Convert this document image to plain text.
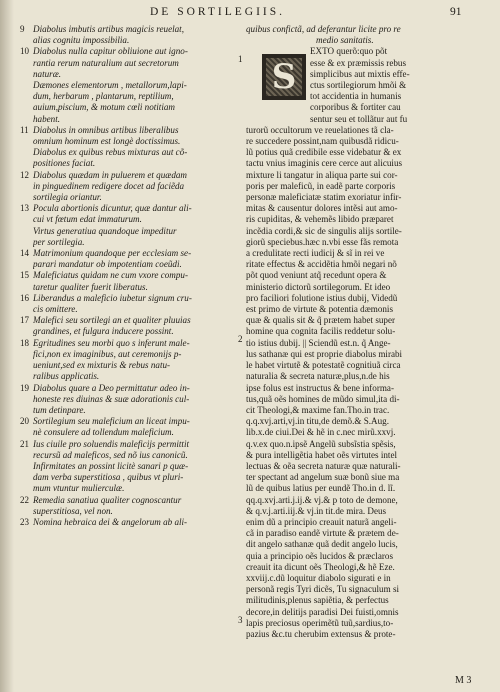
DE SORTILEGIIS.	91
9 Diabolus imbutis artibus magicis reuelat,
alias cognitu impossibilia.
10 Diabolus nulla capitur obliuione aut igno-
rantia rerum naturalium aut secretorum
naturæ.
Dæmones elementorum , metallorum,lapi-
dum, herbarum , plantarum, reptilium,
auium,piscium, & motum cœli notitiam
habent.
11 Diabolus in omnibus artibus liberalibus
omnium hominum est longè doctissimus.
Diabolus ex quibus rebus mixturas aut cõ-
positiones faciat.
12 Diabolus quædam in puluerem et quædam
in pinguedinem redigere docet ad faciẽda
sortilegia oriantur.
13 Pocula abortionis dicuntur, quæ dantur ali-
cui vt fœtum edat immaturum.
Virtus generatiua quandoque impeditur
per sortilegia.
14 Matrimonium quandoque per ecclesiam se-
parari mandatur ob impotentiam coeũdi.
15 Maleficiatus quidam ne cum vxore compu-
taretur qualiter fuerit liberatus.
16 Liberandus a maleficio iubetur signum cru-
cis omittere.
17 Malefici seu sortilegi an et qualiter pluuias
grandines, et fulgura inducere possint.
18 Egritudines seu morbi quo s inferunt male-
fici,non ex imaginibus, aut ceremonijs p-
ueniunt,sed ex mixturis & rebus natu-
ralibus applicatis.
19 Diabolus quare a Deo permittatur adeo in-
honeste res diuinas & suæ adorationis cul-
tum detinpare.
20 Sortilegium seu maleficium an liceat impu-
nè consulere ad tollendum maleficium.
21 Ius ciuile pro soluendis maleficijs permittit
recursũ ad maleficos, sed nõ ius canonicũ.
Infirmitates an possint licitè sanari p quæ-
dam verba superstitiosa , quibus vt pluri-
mum vtuntur mulierculæ.
22 Remedia sanatiua qualiter cognoscantur
superstitiosa, vel non.
23 Nomina hebraica dei & angelorum ab ali-
quibus confictã, ad deferantur licite pro re
medio sanitatis.
S
1
2
3
EXTO querõ:quo põt
esse & ex præmissis rebus
simplicibus aut mixtis effe-
ctus sortilegiorum hmõi &
tot accidentia in humanis
corporibus & fortiter cau
sentur seu et tollãtur aut fu
turorũ occultorum ve reuelationes tã cla-
re succedere possint,nam quibusdã ridicu-
lũ potius quã credibile esse videbatur & ex
tactu vnius imaginis cere cerce aut alicuius
mixture li tangatur in aliqua parte sui cor-
poris per maleficũ, in eadẽ parte corporis
personæ maleficiatæ statim exoriatur infir-
mitas & causentur dolores intẽsi aut amo-
ris cupiditas, & vehemẽs libido præparet
incẽdia cordi,& sic de singulis alijs sortile-
giorũ speciebus.hæc n.vbi esse fãs remota
a credulitate recti iudicij & sĩ in rei ve
ritate effectus & accidẽtia hmõi negari nõ
põt quod veniunt atq̃ recedunt opera &
ministerio dictorũ sortilegorum. Et ideo
pro faciliori folutione istius dubij, Videdũ
est primo de virtute & potentia dæmonis
quæ & qualis sit & q̃ prætem habet super
homine qua cognita facilis reddetur solu-
tio istius dubij. || Sciendũ est.n. q̃ Ange-
lus sathanæ qui est proprie diabolus mirabi
le habet virtutẽ & potestatẽ cognitiuã circa
naturalia & secreta naturæ,plus,n.de his
ipse folus est instructus & bene informa-
tus,quã oẽs homines de mũdo simul,ita di-
cit Theologi,& maxime fan.Tho.in trac.
q.q.xvj.arti,vj.in titu,de demõ.& S.Aug.
lib.x.de ciui.Dei & hẽ in c.nec mirũ.xxvj.
q.v.ex quo.n.ipsẽ Angelũ subsĩstia spẽsis,
& pura intelligẽtia habet oẽs virtutes intel
lectuas & oẽa secreta naturæ quæ naturali-
ter spectant ad angelum suæ bonũ siue ma
lũ de quibus latius per eundẽ Tho.in d. lĩ.
qq.q.xvj.arti.j.ij.& vj.& p toto de demone,
& q.v.j.arti.iij.& vj.in tit.de mira. Deus
enim dũ a principio creauit naturã angeli-
cã in paradiso eandẽ virtute & prætem de-
dit angelo sathanæ quã dedit angelo lucis,
quia a principio oẽs lucidos & præclaros
creauit ita dicunt oẽs Theologi,& hẽ Eze.
xxviij.c.dũ loquitur diabolo sigurati e in
personã regis Tyri dicẽs, Tu signaculum si
militudinis,plenus sapiẽtia, & perfectus
decore,in delitijs paradisi Dei fuisti,omnis
lapis preciosus operimẽtũ tuũ,sardius,to-
pazius &c.tu cherubim extensus & prote-
M 3
